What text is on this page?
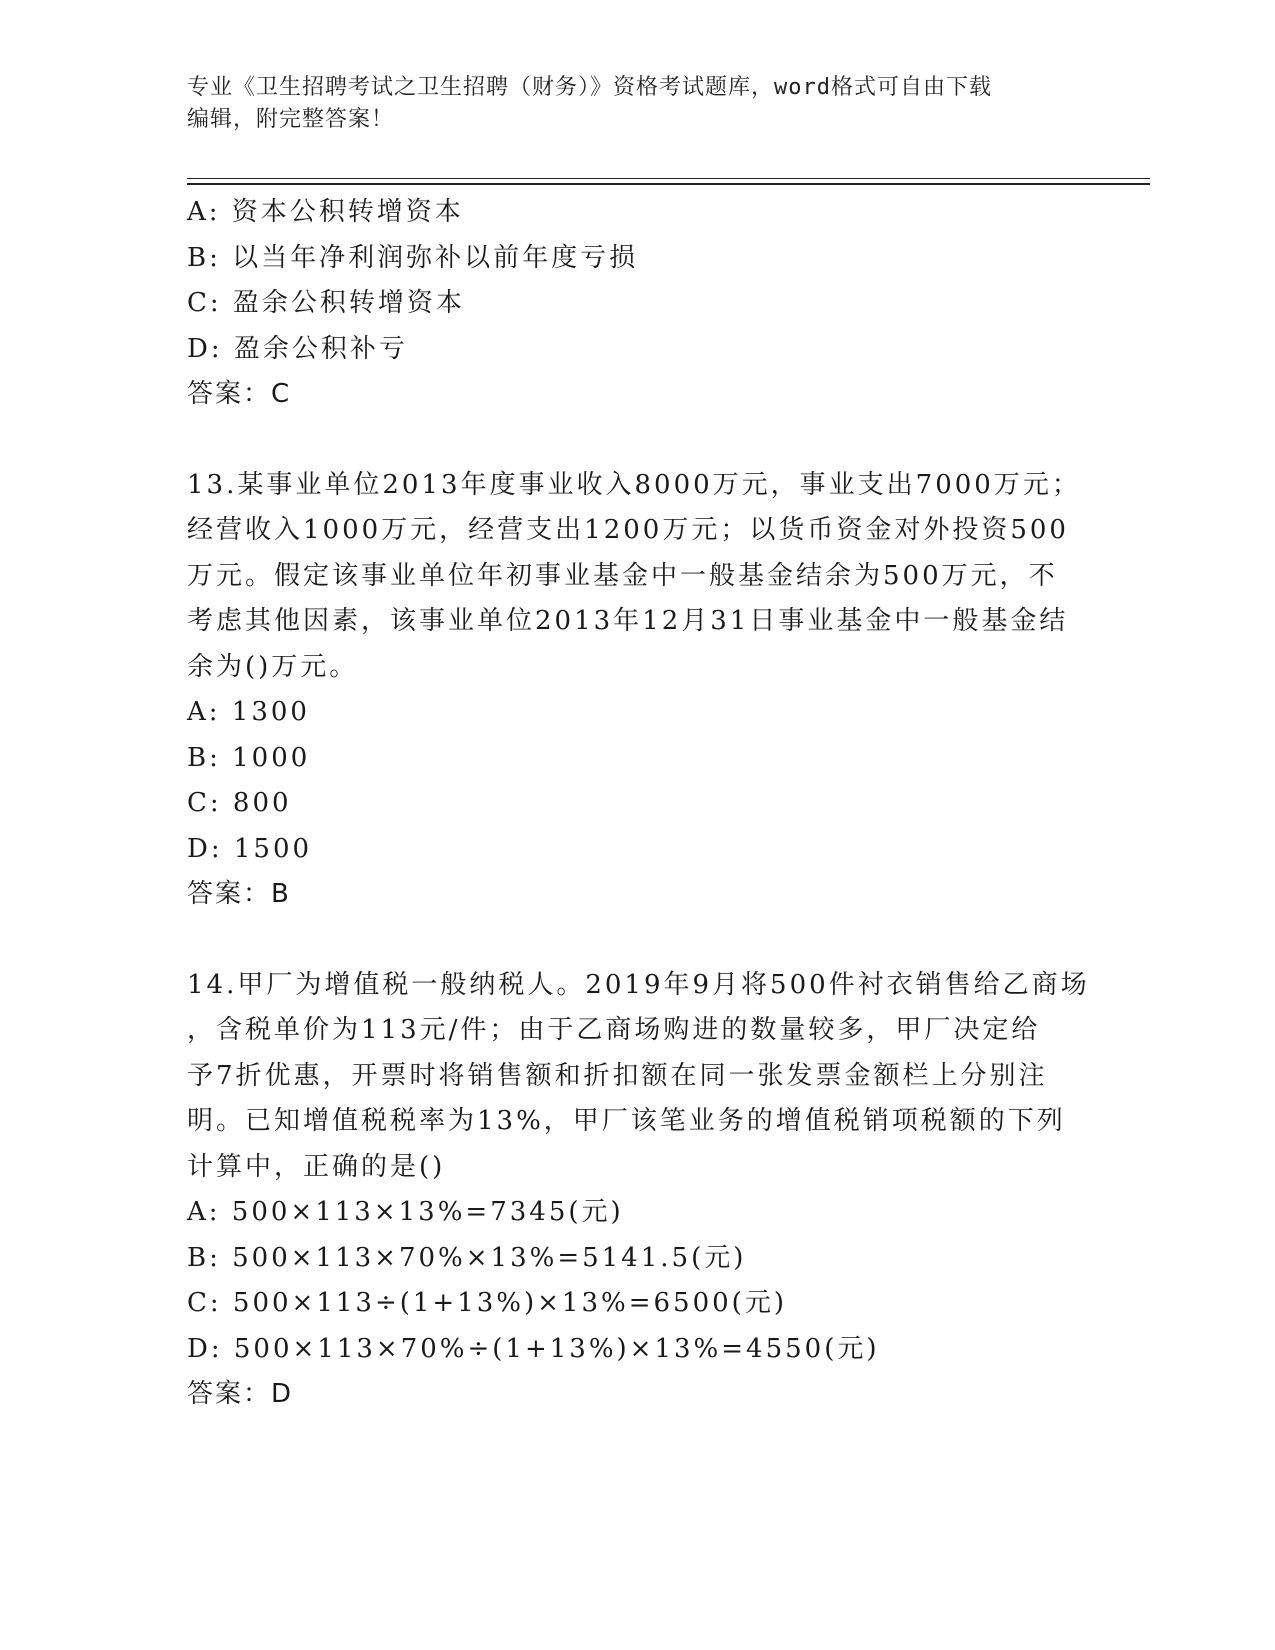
专业《卫生招聘考试之卫生招聘（财务）》资格考试题库，word格式可自由下载
编辑，附完整答案！
A: 资本公积转增资本
B: 以当年净利润弥补以前年度亏损
C: 盈余公积转增资本
D: 盈余公积补亏
答案：C
13.某事业单位2013年度事业收入8000万元，事业支出7000万元；
经营收入1000万元，经营支出1200万元；以货币资金对外投资500
万元。假定该事业单位年初事业基金中一般基金结余为500万元，不
考虑其他因素，该事业单位2013年12月31日事业基金中一般基金结
余为()万元。
A: 1300
B: 1000
C: 800
D: 1500
答案：B
14.甲厂为增值税一般纳税人。2019年9月将500件衬衣销售给乙商场
，含税单价为113元/件；由于乙商场购进的数量较多，甲厂决定给
予7折优惠，开票时将销售额和折扣额在同一张发票金额栏上分别注
明。已知增值税税率为13%，甲厂该笔业务的增值税销项税额的下列
计算中，正确的是()
A: 500×113×13%=7345(元)
B: 500×113×70%×13%=5141.5(元)
C: 500×113÷(1+13%)×13%=6500(元)
D: 500×113×70%÷(1+13%)×13%=4550(元)
答案：D
